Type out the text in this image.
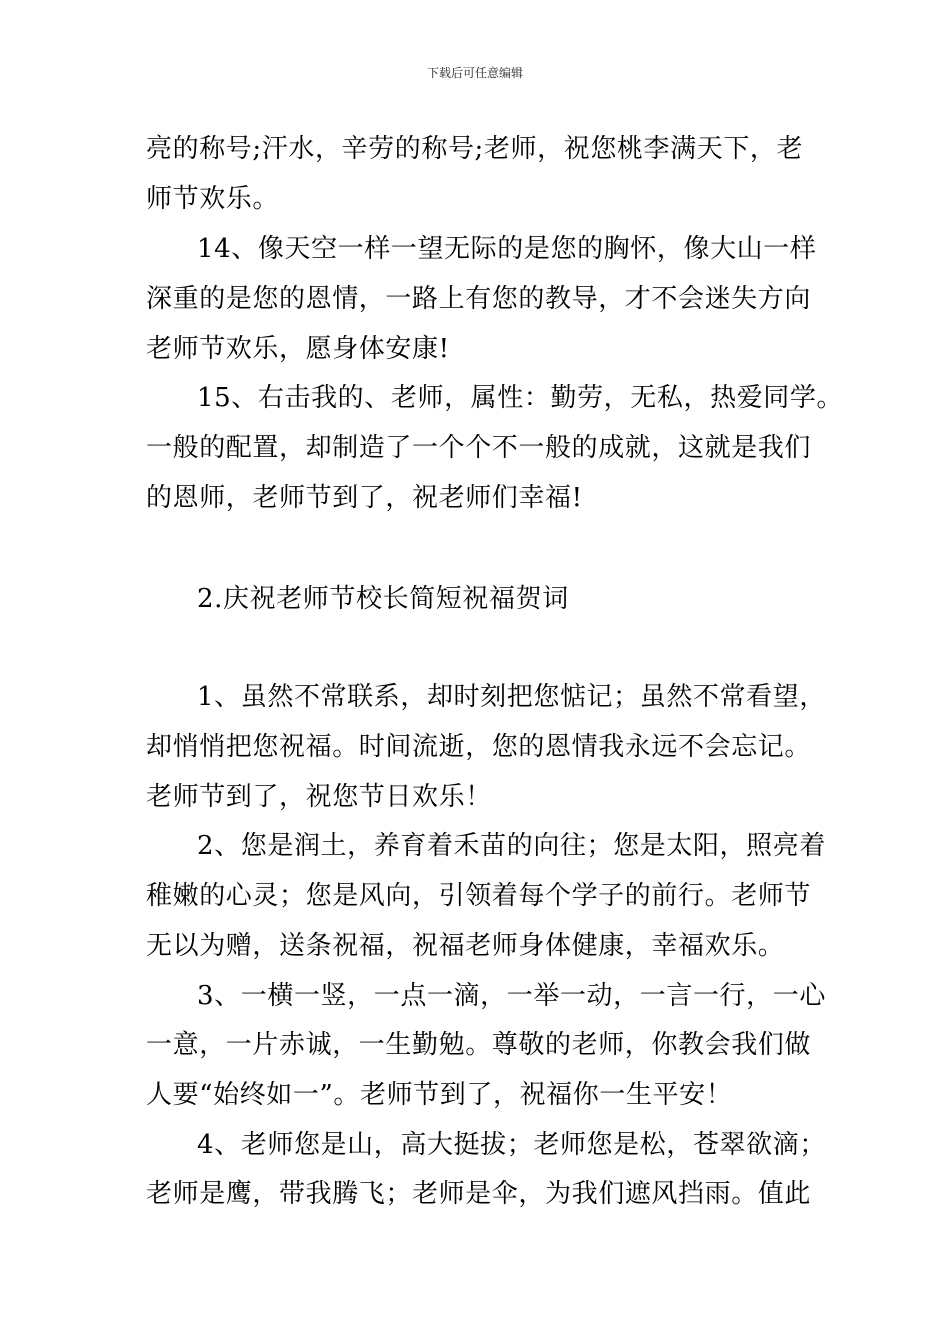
下载后可任意编辑
亮的称号;汗水，辛劳的称号;老师，祝您桃李满天下，老
师节欢乐。
14、像天空一样一望无际的是您的胸怀，像大山一样
深重的是您的恩情，一路上有您的教导，才不会迷失方向
老师节欢乐，愿身体安康!
15、右击我的、老师，属性：勤劳，无私，热爱同学。
一般的配置，却制造了一个个不一般的成就，这就是我们
的恩师，老师节到了，祝老师们幸福!
2.庆祝老师节校长简短祝福贺词
1、虽然不常联系，却时刻把您惦记；虽然不常看望，
却悄悄把您祝福。时间流逝，您的恩情我永远不会忘记。
老师节到了，祝您节日欢乐！
2、您是润土，养育着禾苗的向往；您是太阳，照亮着
稚嫩的心灵；您是风向，引领着每个学子的前行。老师节
无以为赠，送条祝福，祝福老师身体健康，幸福欢乐。
3、一横一竖，一点一滴，一举一动，一言一行，一心
一意，一片赤诚，一生勤勉。尊敬的老师，你教会我们做
人要“始终如一”。老师节到了，祝福你一生平安！
4、老师您是山，高大挺拔；老师您是松，苍翠欲滴；
老师是鹰，带我腾飞；老师是伞，为我们遮风挡雨。值此
